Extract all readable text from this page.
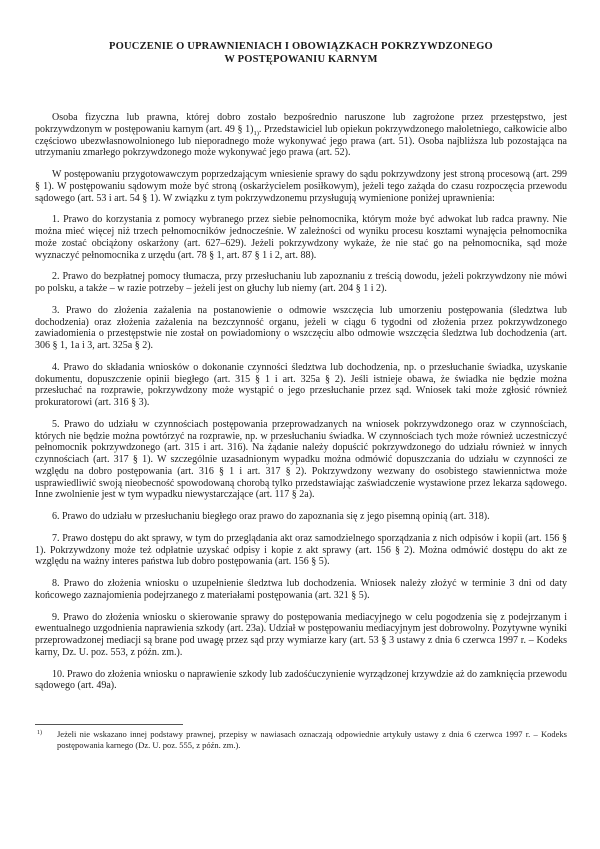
POUCZENIE O UPRAWNIENIACH I OBOWIĄZKACH POKRZYWDZONEGO
W POSTĘPOWANIU KARNYM

Osoba fizyczna lub prawna, której dobro zostało bezpośrednio naruszone lub zagrożone przez przestępstwo, jest pokrzywdzonym w postępowaniu karnym (art. 49 § $1)_{1)}$. Przedstawiciel lub opiekun pokrzywdzonego małoletniego, całkowicie albo częściowo ubezwłasnowolnionego lub nieporadnego może wykonywać jego prawa (art. 51). Osoba najbliższa lub pozostająca na utrzymaniu zmarłego pokrzywdzonego może wykonywać jego prawa (art. 52).

W postępowaniu przygotowawczym poprzedzającym wniesienie sprawy do sądu pokrzywdzony jest stroną procesową (art. 299 § 1). W postępowaniu sądowym może być stroną (oskarżycielem posiłkowym), jeżeli tego zażąda do czasu rozpoczęcia przewodu sądowego (art. 53 i art. 54 § 1). W związku z tym pokrzywdzonemu przysługują wymienione poniżej uprawnienia:

1. Prawo do korzystania z pomocy wybranego przez siebie pełnomocnika, którym może być adwokat lub radca prawny. Nie można mieć więcej niż trzech pełnomocników jednocześnie. W zależności od wyniku procesu kosztami wynajęcia pełnomocnika może zostać obciążony oskarżony (art. 627–629). Jeżeli pokrzywdzony wykaże, że nie stać go na pełnomocnika, sąd może wyznaczyć pełnomocnika z urzędu (art. 78 § 1, art. 87 § 1 i 2, art. 88).

2. Prawo do bezpłatnej pomocy tłumacza, przy przesłuchaniu lub zapoznaniu z treścią dowodu, jeżeli pokrzywdzony nie mówi po polsku, a także – w razie potrzeby – jeżeli jest on głuchy lub niemy (art. 204 § 1 i 2).

3. Prawo do złożenia zażalenia na postanowienie o odmowie wszczęcia lub umorzeniu postępowania (śledztwa lub dochodzenia) oraz złożenia zażalenia na bezczynność organu, jeżeli w ciągu 6 tygodni od złożenia przez pokrzywdzonego zawiadomienia o przestępstwie nie został on powiadomiony o wszczęciu albo odmowie wszczęcia śledztwa lub dochodzenia (art. 306 § 1, 1a i 3, art. 325a § 2).

4. Prawo do składania wniosków o dokonanie czynności śledztwa lub dochodzenia, np. o przesłuchanie świadka, uzyskanie dokumentu, dopuszczenie opinii biegłego (art. 315 § 1 i art. 325a § 2). Jeśli istnieje obawa, że świadka nie będzie można przesłuchać na rozprawie, pokrzywdzony może wystąpić o jego przesłuchanie przez sąd. Wniosek taki może zgłosić również prokuratorowi (art. 316 § 3).

5. Prawo do udziału w czynnościach postępowania przeprowadzanych na wniosek pokrzywdzonego oraz w czynnościach, których nie będzie można powtórzyć na rozprawie, np. w przesłuchaniu świadka. W czynnościach tych może również uczestniczyć pełnomocnik pokrzywdzonego (art. 315 i art. 316). Na żądanie należy dopuścić pokrzywdzonego do udziału również w innych czynnościach (art. 317 § 1). W szczególnie uzasadnionym wypadku można odmówić dopuszczania do udziału w czynności ze względu na dobro postępowania (art. 316 § 1 i art. 317 § 2). Pokrzywdzony wezwany do osobistego stawiennictwa może usprawiedliwić swoją nieobecność spowodowaną chorobą tylko przedstawiając zaświadczenie wystawione przez lekarza sądowego. Inne zwolnienie jest w tym wypadku niewystarczające (art. 117 § 2a).

6. Prawo do udziału w przesłuchaniu biegłego oraz prawo do zapoznania się z jego pisemną opinią (art. 318).

7. Prawo dostępu do akt sprawy, w tym do przeglądania akt oraz samodzielnego sporządzania z nich odpisów i kopii (art. 156 § 1). Pokrzywdzony może też odpłatnie uzyskać odpisy i kopie z akt sprawy (art. 156 § 2). Można odmówić dostępu do akt ze względu na ważny interes państwa lub dobro postępowania (art. 156 § 5).

8. Prawo do złożenia wniosku o uzupełnienie śledztwa lub dochodzenia. Wniosek należy złożyć w terminie 3 dni od daty końcowego zaznajomienia podejrzanego z materiałami postępowania (art. 321 § 5).

9. Prawo do złożenia wniosku o skierowanie sprawy do postępowania mediacyjnego w celu pogodzenia się z podejrzanym i ewentualnego uzgodnienia naprawienia szkody (art. 23a). Udział w postępowaniu mediacyjnym jest dobrowolny. Pozytywne wyniki przeprowadzonej mediacji są brane pod uwagę przez sąd przy wymiarze kary (art. 53 § 3 ustawy z dnia 6 czerwca 1997 r. – Kodeks karny, Dz. U. poz. 553, z późn. zm.).

10. Prawo do złożenia wniosku o naprawienie szkody lub zadośćuczynienie wyrządzonej krzywdzie aż do zamknięcia przewodu sądowego (art. 49a).

1) Jeżeli nie wskazano innej podstawy prawnej, przepisy w nawiasach oznaczają odpowiednie artykuły ustawy z dnia 6 czerwca 1997 r. – Kodeks postępowania karnego (Dz. U. poz. 555, z późn. zm.).
